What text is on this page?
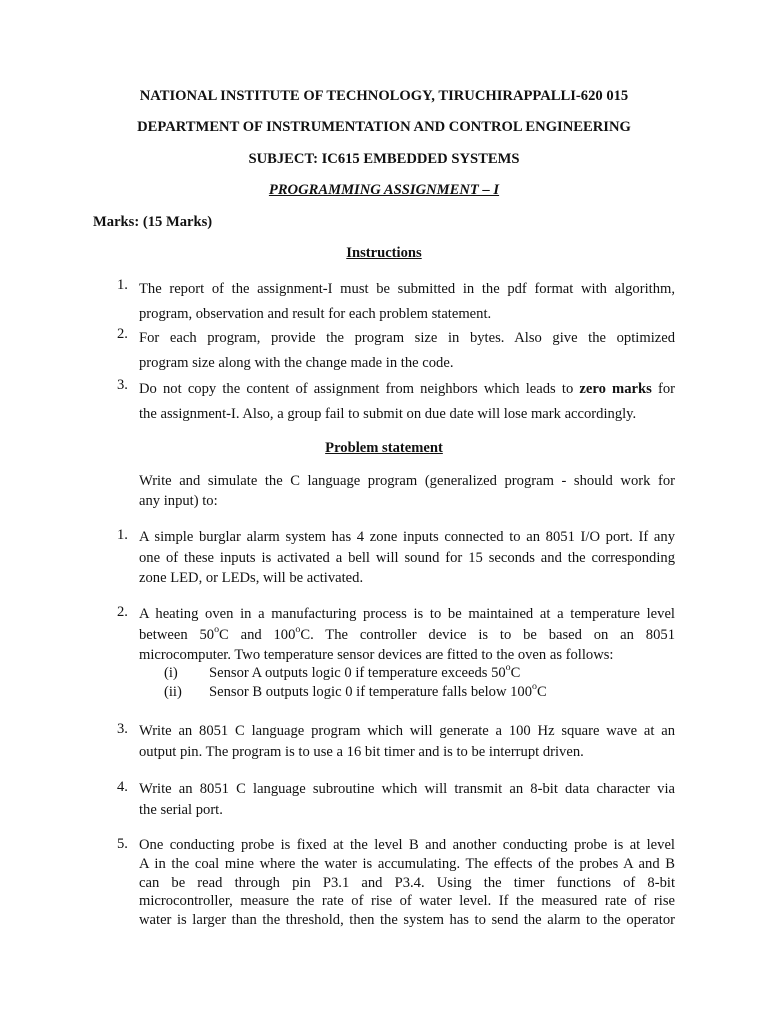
NATIONAL INSTITUTE OF TECHNOLOGY, TIRUCHIRAPPALLI-620 015
DEPARTMENT OF INSTRUMENTATION AND CONTROL ENGINEERING
SUBJECT: IC615 EMBEDDED SYSTEMS
PROGRAMMING ASSIGNMENT – I
Marks: (15 Marks)
Instructions
1. The report of the assignment-I must be submitted in the pdf format with algorithm,
program, observation and result for each problem statement.
2. For each program, provide the program size in bytes. Also give the optimized
program size along with the change made in the code.
3. Do not copy the content of assignment from neighbors which leads to zero marks for
the assignment-I. Also, a group fail to submit on due date will lose mark accordingly.
Problem statement
Write and simulate the C language program (generalized program - should work for
any input) to:
1. A simple burglar alarm system has 4 zone inputs connected to an 8051 I/O port. If any
one of these inputs is activated a bell will sound for 15 seconds and the corresponding
zone LED, or LEDs, will be activated.
2. A heating oven in a manufacturing process is to be maintained at a temperature level
between 50$^o$C and 100$^o$C. The controller device is to be based on an 8051
microcomputer. Two temperature sensor devices are fitted to the oven as follows:
(i) Sensor A outputs logic 0 if temperature exceeds 50$^o$C
(ii) Sensor B outputs logic 0 if temperature falls below 100$^o$C
3. Write an 8051 C language program which will generate a 100 Hz square wave at an
output pin. The program is to use a 16 bit timer and is to be interrupt driven.
4. Write an 8051 C language subroutine which will transmit an 8-bit data character via
the serial port.
5. One conducting probe is fixed at the level B and another conducting probe is at level
A in the coal mine where the water is accumulating. The effects of the probes A and B
can be read through pin P3.1 and P3.4. Using the timer functions of 8-bit
microcontroller, measure the rate of rise of water level. If the measured rate of rise
water is larger than the threshold, then the system has to send the alarm to the operator
